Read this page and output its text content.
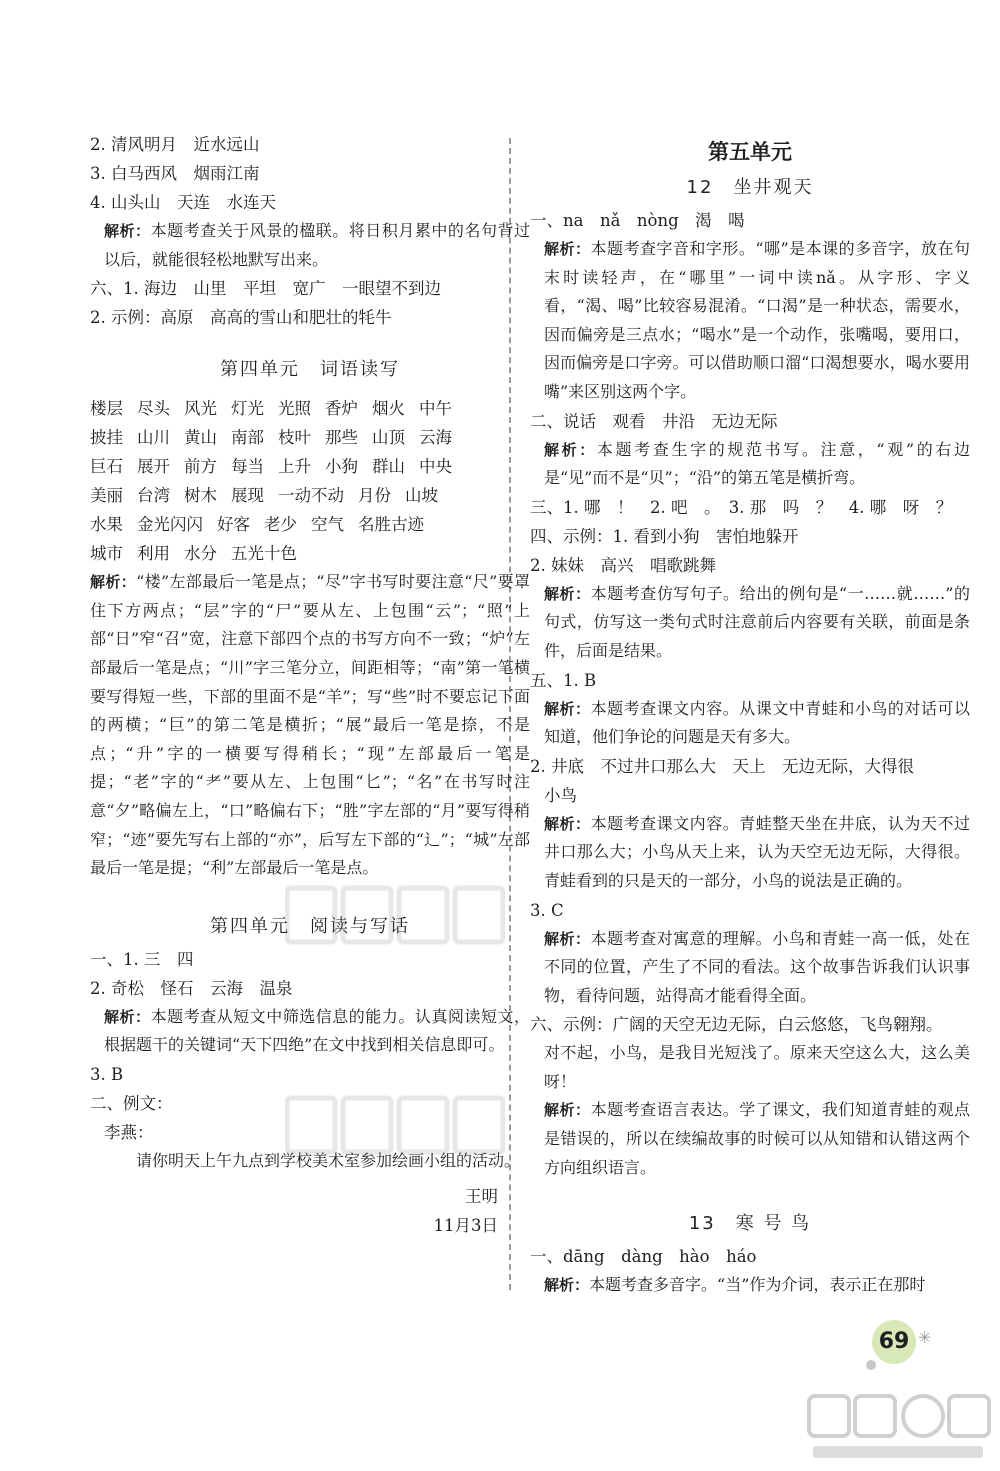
2. 清风明月　近水远山
3. 白马西风　烟雨江南
4. 山头山　天连　水连天
解析：本题考查关于风景的楹联。将日积月累中的名句背过以后，就能很轻松地默写出来。
六、1. 海边　山里　平坦　宽广　一眼望不到边
2. 示例：高原　高高的雪山和肥壮的牦牛
第四单元　词语读写
楼层 尽头 风光 灯光 光照 香炉 烟火 中午
披挂 山川 黄山 南部 枝叶 那些 山顶 云海
巨石 展开 前方 每当 上升 小狗 群山 中央
美丽 台湾 树木 展现 一动不动 月份 山坡
水果 金光闪闪 好客 老少 空气 名胜古迹
城市 利用 水分 五光十色
解析：“楼”左部最后一笔是点；“尽”字书写时要注意“尺”要罩住下方两点；“层”字的“尸”要从左、上包围“云”；“照”上部“日”窄“召”宽，注意下部四个点的书写方向不一致；“炉”左部最后一笔是点；“川”字三笔分立，间距相等；“南”第一笔横要写得短一些，下部的里面不是“羊”；写“些”时不要忘记下面的两横；“巨”的第二笔是横折；“展”最后一笔是捺，不是点；“升”字的一横要写得稍长；“现”左部最后一笔是提；“老”字的“耂”要从左、上包围“匕”；“名”在书写时注意“夕”略偏左上，“口”略偏右下；“胜”字左部的“月”要写得稍窄；“迹”要先写右上部的“亦”，后写左下部的“辶”；“城”左部最后一笔是提；“利”左部最后一笔是点。
第四单元　阅读与写话
一、1. 三　四
2. 奇松　怪石　云海　温泉
解析：本题考查从短文中筛选信息的能力。认真阅读短文，根据题干的关键词“天下四绝”在文中找到相关信息即可。
3. B
二、例文：
李燕：
请你明天上午九点到学校美术室参加绘画小组的活动。
王明
11月3日
第五单元
12　坐井观天
一、na　nǎ　nòng　渴　喝
解析：本题考查字音和字形。“哪”是本课的多音字，放在句末时读轻声，在“哪里”一词中读nǎ。从字形、字义看，“渴、喝”比较容易混淆。“口渴”是一种状态，需要水，因而偏旁是三点水；“喝水”是一个动作，张嘴喝，要用口，因而偏旁是口字旁。可以借助顺口溜“口渴想要水，喝水要用嘴”来区别这两个字。
二、说话　观看　井沿　无边无际
解析：本题考查生字的规范书写。注意，“观”的右边是“见”而不是“贝”；“沿”的第五笔是横折弯。
三、1. 哪　！　2. 吧　。　3. 那　吗　？　4. 哪　呀　？
四、示例：1. 看到小狗　害怕地躲开
2. 妹妹　高兴　唱歌跳舞
解析：本题考查仿写句子。给出的例句是“一……就……”的句式，仿写这一类句式时注意前后内容要有关联，前面是条件，后面是结果。
五、1. B
解析：本题考查课文内容。从课文中青蛙和小鸟的对话可以知道，他们争论的问题是天有多大。
2. 井底　不过井口那么大　天上　无边无际，大得很
小鸟
解析：本题考查课文内容。青蛙整天坐在井底，认为天不过井口那么大；小鸟从天上来，认为天空无边无际，大得很。青蛙看到的只是天的一部分，小鸟的说法是正确的。
3. C
解析：本题考查对寓意的理解。小鸟和青蛙一高一低，处在不同的位置，产生了不同的看法。这个故事告诉我们认识事物，看待问题，站得高才能看得全面。
六、示例：广阔的天空无边无际，白云悠悠，飞鸟翱翔。
对不起，小鸟，是我目光短浅了。原来天空这么大，这么美呀！
解析：本题考查语言表达。学了课文，我们知道青蛙的观点是错误的，所以在续编故事的时候可以从知错和认错这两个方向组织语言。
13　寒 号 鸟
一、dāng　dàng　hào　háo
解析：本题考查多音字。“当”作为介词，表示正在那时
69 ✳
